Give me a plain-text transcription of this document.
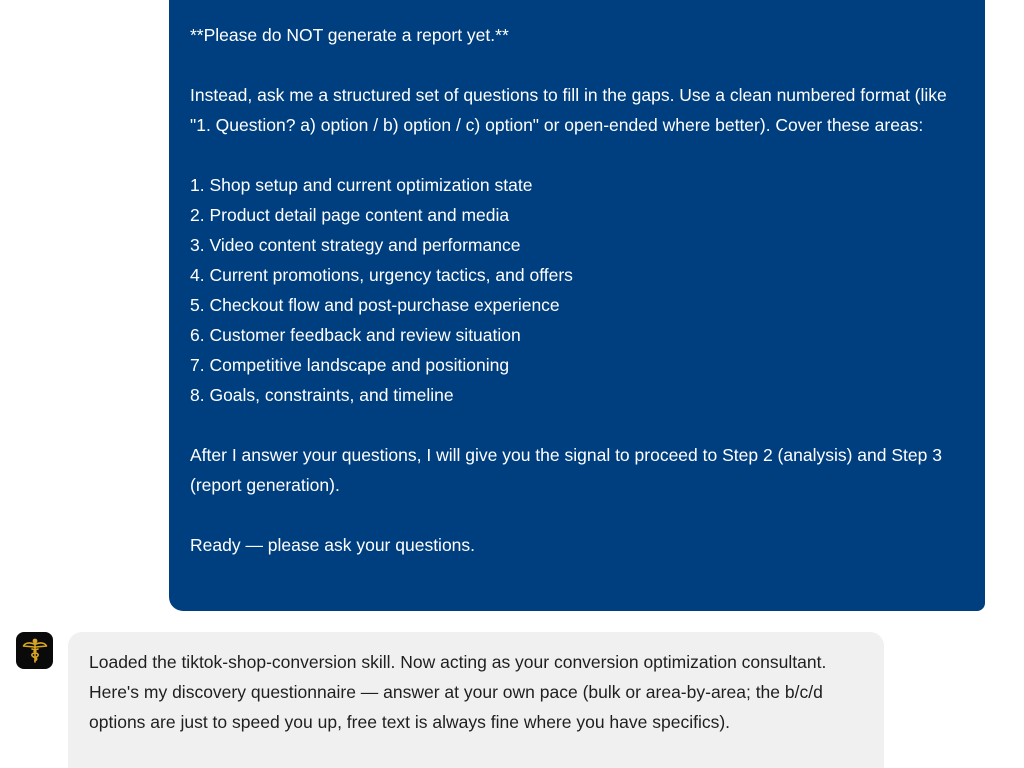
**Please do NOT generate a report yet.**

Instead, ask me a structured set of questions to fill in the gaps. Use a clean numbered format (like "1. Question? a) option / b) option / c) option" or open-ended where better). Cover these areas:

1. Shop setup and current optimization state
2. Product detail page content and media
3. Video content strategy and performance
4. Current promotions, urgency tactics, and offers
5. Checkout flow and post-purchase experience
6. Customer feedback and review situation
7. Competitive landscape and positioning
8. Goals, constraints, and timeline

After I answer your questions, I will give you the signal to proceed to Step 2 (analysis) and Step 3 (report generation).

Ready — please ask your questions.

Loaded the tiktok-shop-conversion skill. Now acting as your conversion optimization consultant. Here's my discovery questionnaire — answer at your own pace (bulk or area-by-area; the b/c/d options are just to speed you up, free text is always fine where you have specifics).
